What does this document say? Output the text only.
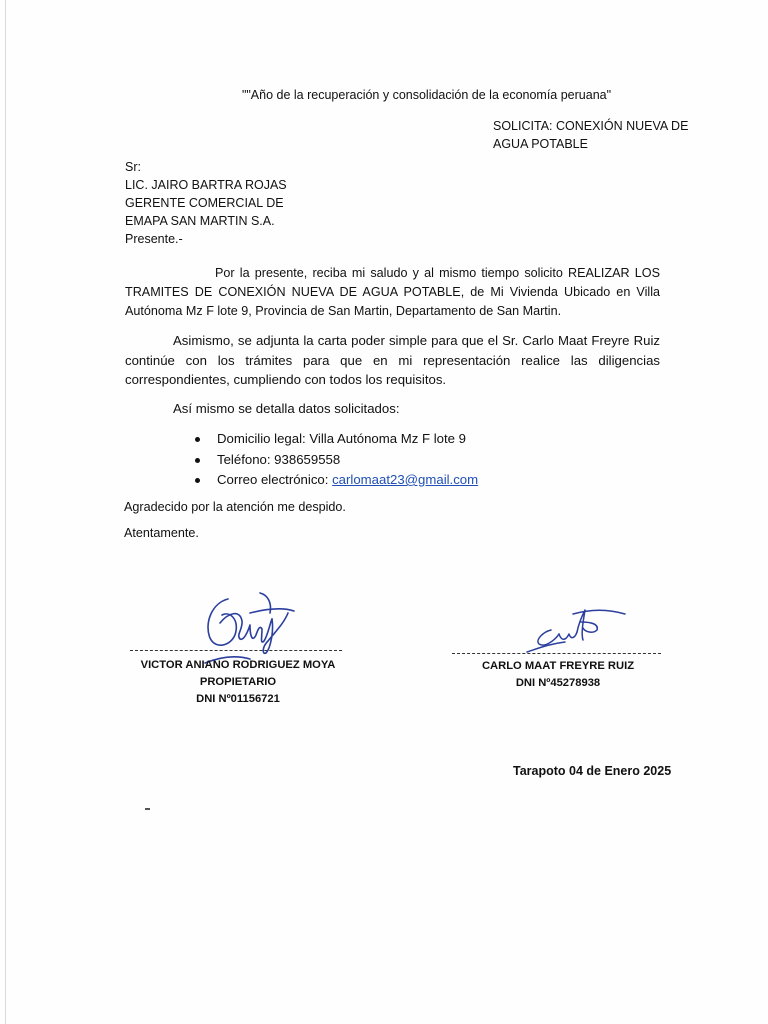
""Año de la recuperación y consolidación de la economía peruana"
SOLICITA: CONEXIÓN NUEVA DE AGUA POTABLE
Sr:
LIC. JAIRO BARTRA ROJAS
GERENTE COMERCIAL DE
EMAPA SAN MARTIN S.A.
Presente.-
Por la presente, reciba mi saludo y al mismo tiempo solicito REALIZAR LOS TRAMITES DE CONEXIÓN NUEVA DE AGUA POTABLE, de Mi Vivienda Ubicado en Villa Autónoma Mz F lote 9, Provincia de San Martin, Departamento de San Martin.
Asimismo, se adjunta la carta poder simple para que el Sr. Carlo Maat Freyre Ruiz continúe con los trámites para que en mi representación realice las diligencias correspondientes, cumpliendo con todos los requisitos.
Así mismo se detalla datos solicitados:
Domicilio legal: Villa Autónoma Mz F lote 9
Teléfono: 938659558
Correo electrónico: carlomaat23@gmail.com
Agradecido por la atención me despido.
Atentamente.
VICTOR ANIANO RODRIGUEZ MOYA
PROPIETARIO
DNI Nº01156721
CARLO MAAT FREYRE RUIZ
DNI Nº45278938
Tarapoto 04 de Enero 2025
